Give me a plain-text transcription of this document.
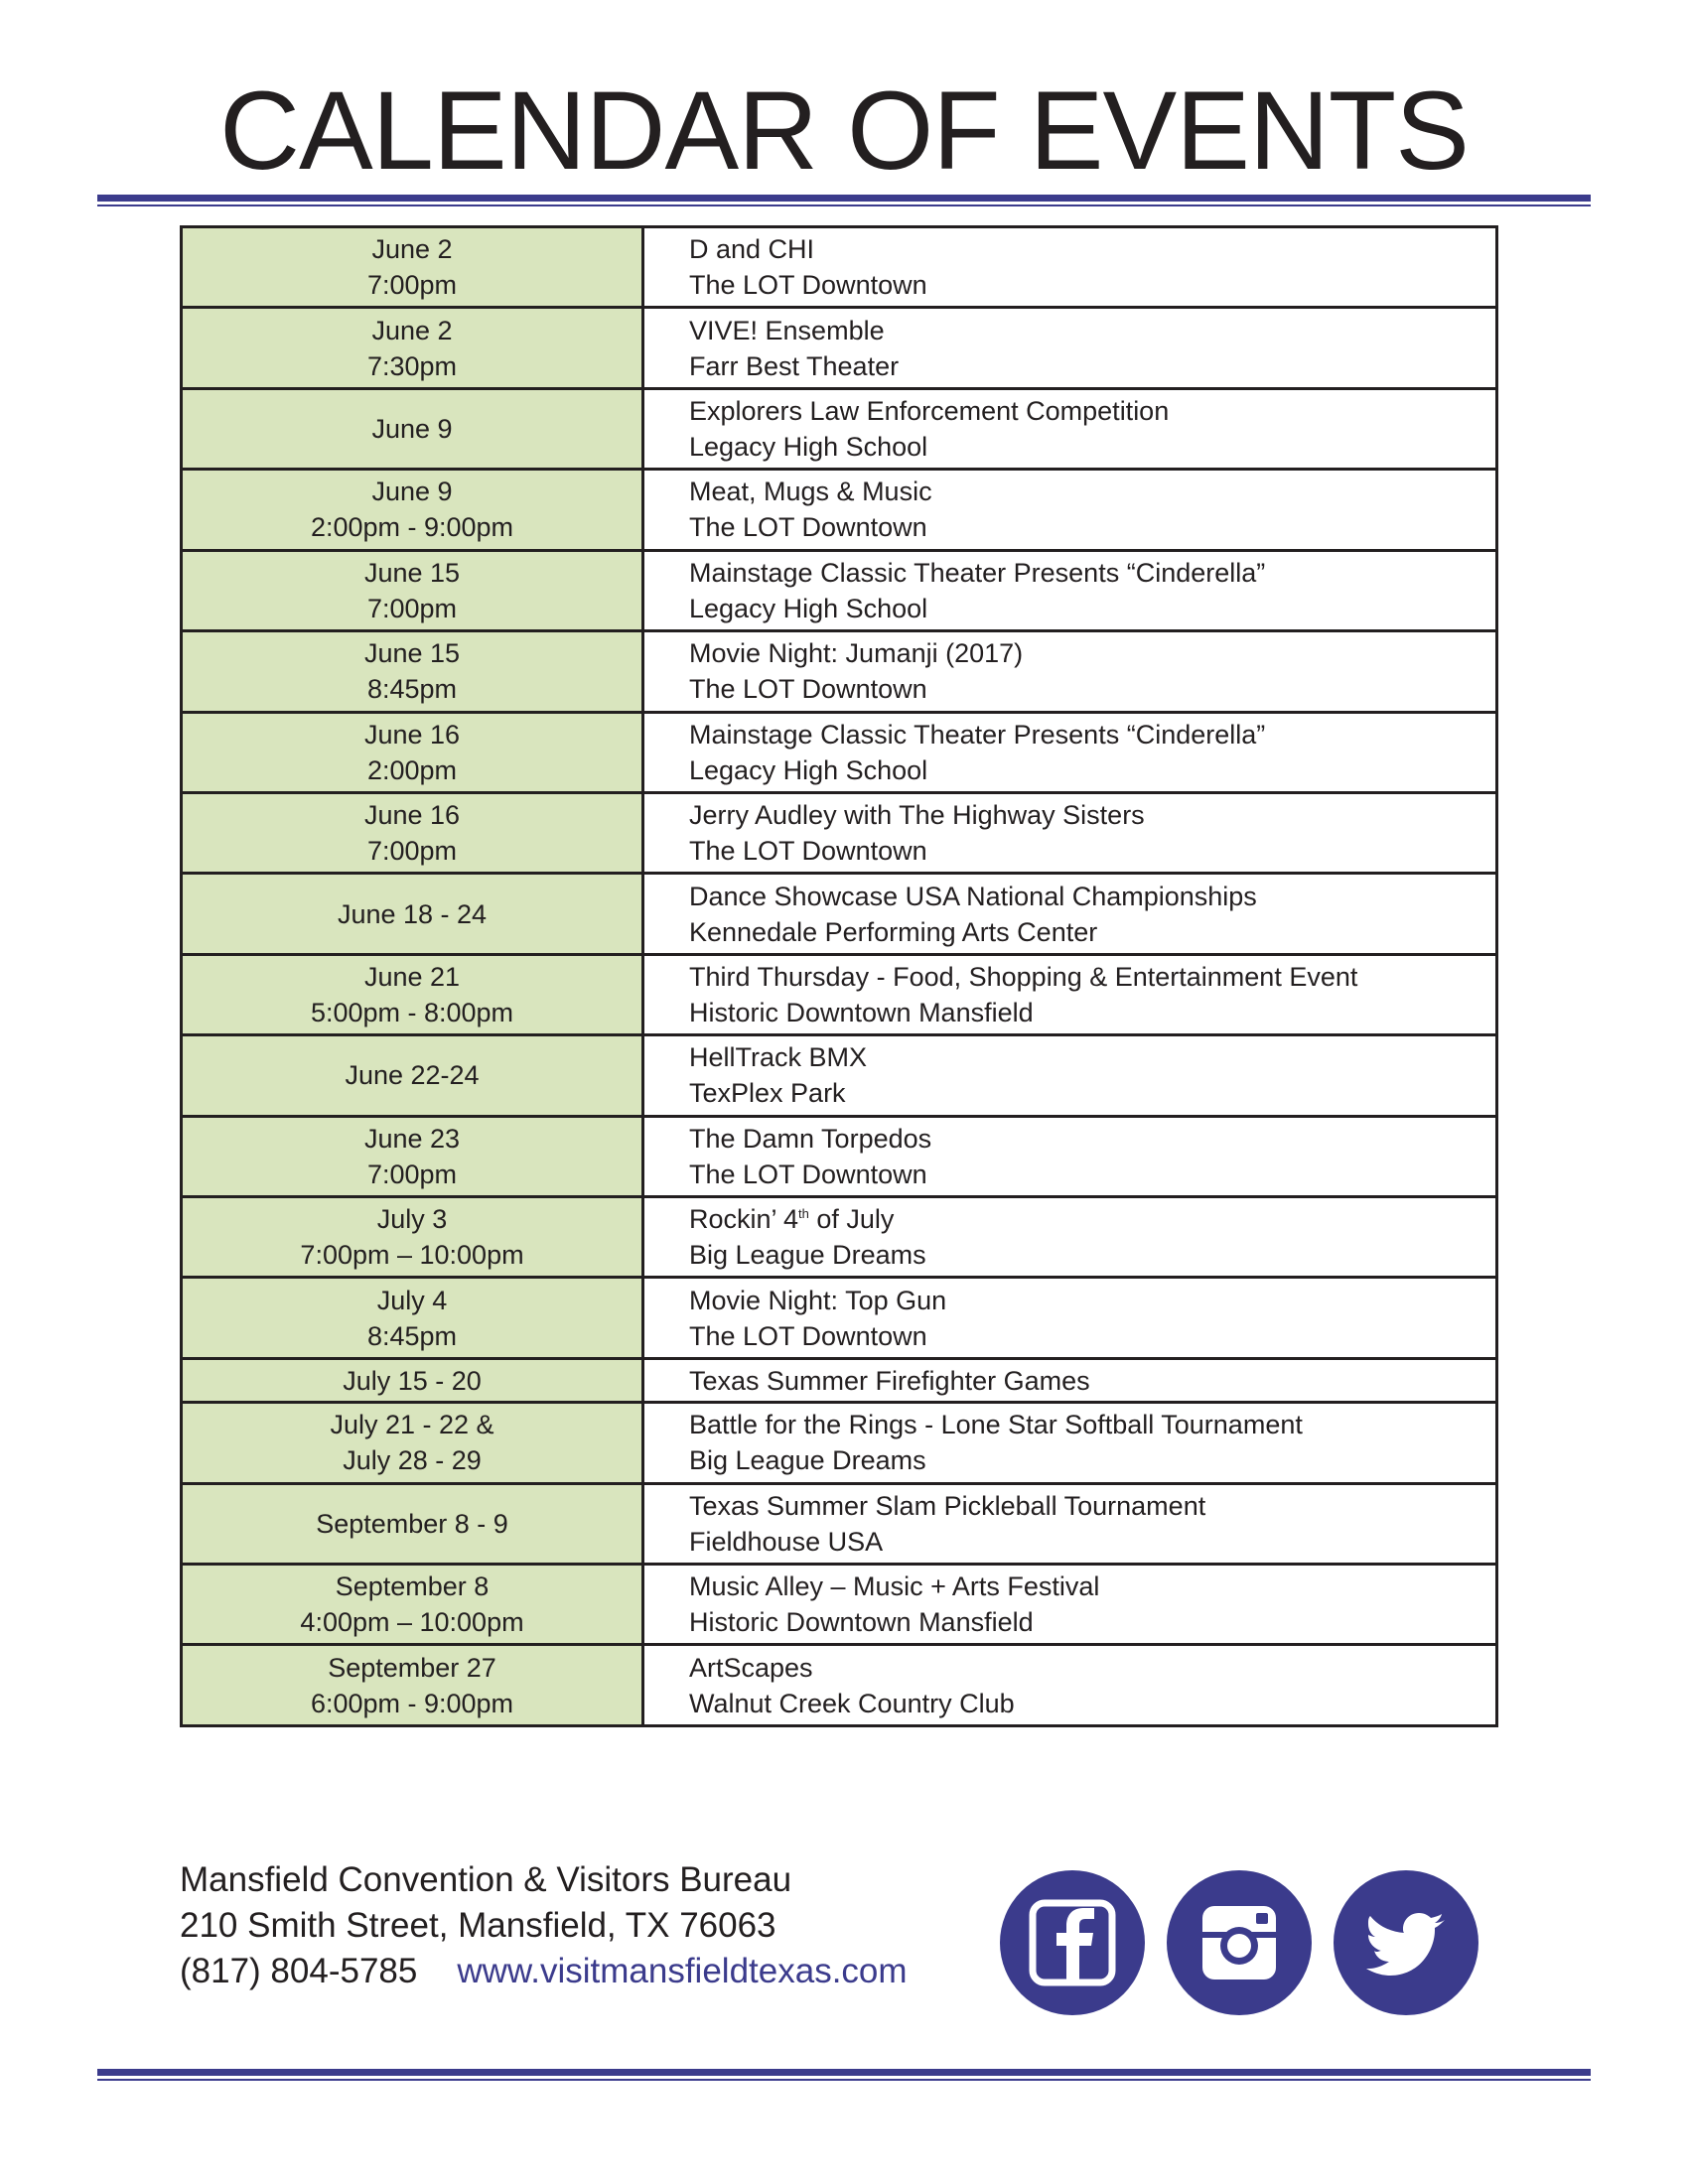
CALENDAR OF EVENTS
June 2
7:00pm	D and CHI
The LOT Downtown

June 2
7:30pm	VIVE! Ensemble
Farr Best Theater

June 9	Explorers Law Enforcement Competition
Legacy High School

June 9
2:00pm - 9:00pm	Meat, Mugs & Music
The LOT Downtown

June 15
7:00pm	Mainstage Classic Theater Presents “Cinderella”
Legacy High School

June 15
8:45pm	Movie Night: Jumanji (2017)
The LOT Downtown

June 16
2:00pm	Mainstage Classic Theater Presents “Cinderella”
Legacy High School

June 16
7:00pm	Jerry Audley with The Highway Sisters
The LOT Downtown

June 18 - 24	Dance Showcase USA National Championships
Kennedale Performing Arts Center

June 21
5:00pm - 8:00pm	Third Thursday - Food, Shopping & Entertainment Event
Historic Downtown Mansfield

June 22-24	HellTrack BMX
TexPlex Park

June 23
7:00pm	The Damn Torpedos
The LOT Downtown

July 3
7:00pm – 10:00pm	Rockin’ 4th of July
Big League Dreams

July 4
8:45pm	Movie Night: Top Gun
The LOT Downtown

July 15 - 20	Texas Summer Firefighter Games

July 21 - 22 &
July 28 - 29	Battle for the Rings - Lone Star Softball Tournament
Big League Dreams

September 8 - 9	Texas Summer Slam Pickleball Tournament
Fieldhouse USA

September 8
4:00pm – 10:00pm	Music Alley – Music + Arts Festival
Historic Downtown Mansfield

September 27
6:00pm - 9:00pm	ArtScapes
Walnut Creek Country Club
Mansfield Convention & Visitors Bureau
210 Smith Street, Mansfield, TX 76063
(817) 804-5785 www.visitmansfieldtexas.com
